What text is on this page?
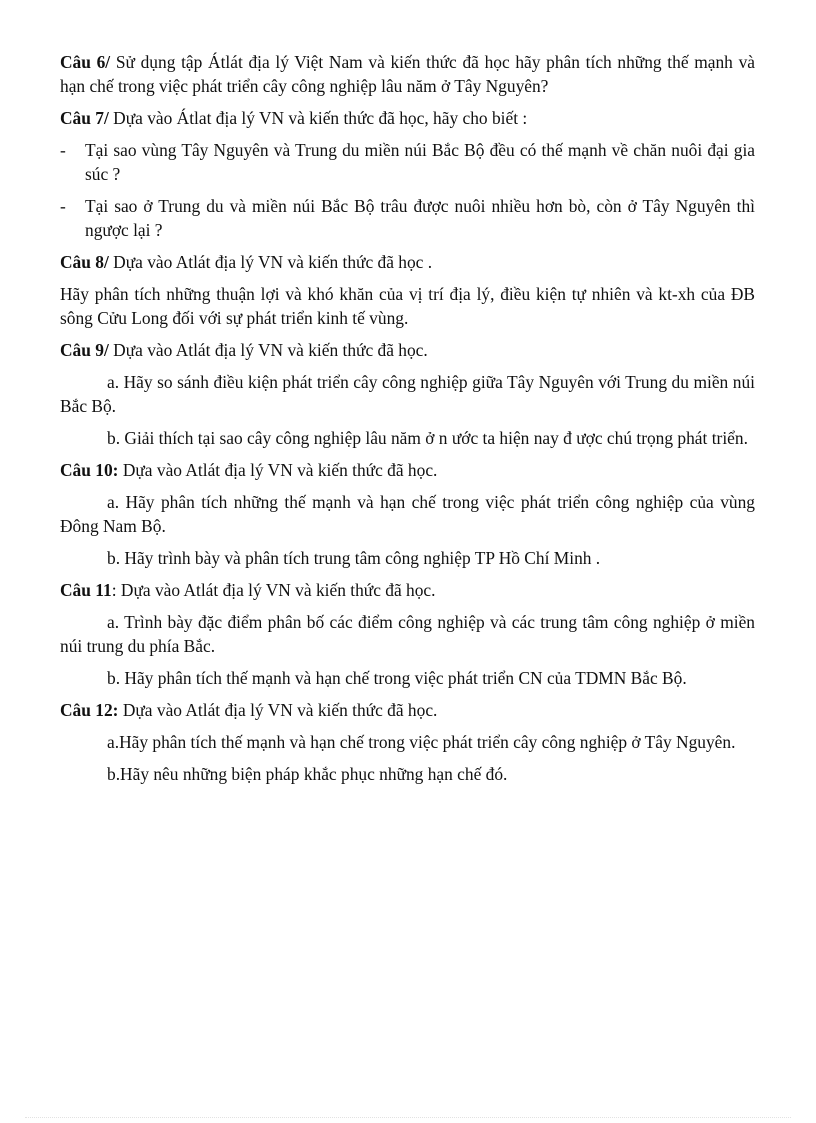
Câu 6/ Sử dụng tập Átlát địa lý Việt Nam và kiến thức đã học hãy phân tích những thế mạnh và hạn chế trong việc phát triển cây công nghiệp lâu năm ở Tây Nguyên?

Câu 7/ Dựa vào Átlat địa lý VN và kiến thức đã học, hãy cho biết :

-	Tại sao vùng Tây Nguyên và Trung du miền núi Bắc Bộ đều có thế mạnh về chăn nuôi đại gia súc ?
-	Tại sao ở Trung du và miền núi Bắc Bộ trâu được nuôi nhiều hơn bò, còn ở Tây Nguyên thì ngược lại ?

Câu 8/ Dựa vào Atlát địa lý VN và kiến thức đã học .

Hãy phân tích những thuận lợi và khó khăn của vị trí địa lý, điều kiện tự nhiên và kt-xh của ĐB sông Cửu Long đối với sự phát triển kinh tế vùng.

Câu 9/ Dựa vào Atlát địa lý VN và kiến thức đã học.

a. Hãy so sánh điều kiện phát triển cây công nghiệp giữa Tây Nguyên với Trung du miền núi Bắc Bộ.

b. Giải thích tại sao cây công nghiệp lâu năm ở n ước ta hiện nay đ ược chú trọng phát triển.

Câu 10: Dựa vào Atlát địa lý VN và kiến thức đã học.

a. Hãy phân tích những thế mạnh và hạn chế trong việc phát triển công nghiệp của vùng Đông Nam Bộ.

b. Hãy trình bày và phân tích trung tâm công nghiệp TP Hồ Chí Minh .

Câu 11: Dựa vào Atlát địa lý VN và kiến thức đã học.

a. Trình bày đặc điểm phân bố các điểm công nghiệp và các trung tâm công nghiệp ở miền núi trung du phía Bắc.

b. Hãy phân tích thế mạnh và hạn chế trong việc phát triển CN của TDMN Bắc Bộ.

Câu 12: Dựa vào Atlát địa lý VN và kiến thức đã học.

a.Hãy phân tích thế mạnh và hạn chế trong việc phát triển cây công nghiệp ở Tây Nguyên.

b.Hãy nêu những biện pháp khắc phục những hạn chế đó.
